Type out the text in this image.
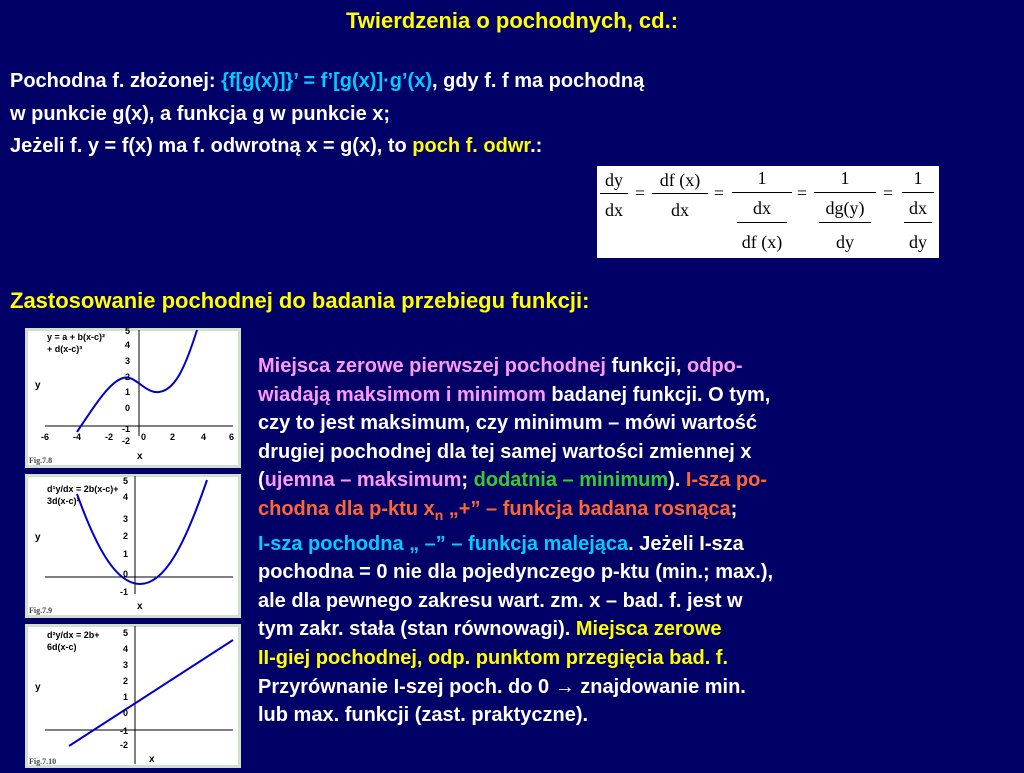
Twierdzenia o pochodnych, cd.:
Pochodna f. złożonej: {f[g(x)]}’ = f’[g(x)]·g’(x), gdy f. f ma pochodną
w punkcie g(x), a funkcja g w punkcie x;
Jeżeli f. y = f(x) ma f. odwrotną x = g(x), to poch f. odwr.:
dy
dx
=
df (x)
dx
=
1
dx
df (x)
=
1
dg(y)
dy
=
1
dx
dy
Zastosowanie pochodnej do badania przebiegu funkcji:
y = a + b(x-c)²
+ d(x-c)³
y
x
-6	-4	-2	0	2	4	6
5
4
3
2
1
0
-1
-2
Fig.7.8
d¹y/dx = 2b(x-c)+
3d(x-c)²
y
x
5
4
3
2
1
0
-1
Fig.7.9
d²y/dx = 2b+
6d(x-c)
y
5
4
3
2
1
0
-1
-2
x
Fig.7.10
Miejsca zerowe pierwszej pochodnej funkcji, odpo-
wiadają maksimom i minimom badanej funkcji. O tym,
czy to jest maksimum, czy minimum – mówi wartość
drugiej pochodnej dla tej samej wartości zmiennej x
(ujemna – maksimum; dodatnia – minimum). I-sza po-
chodna dla p-ktu $x_n$ „+” – funkcja badana rosnąca;
I-sza pochodna „ –” – funkcja malejąca. Jeżeli I-sza
pochodna = 0 nie dla pojedynczego p-ktu (min.; max.),
ale dla pewnego zakresu wart. zm. x – bad. f. jest w
tym zakr. stała (stan równowagi). Miejsca zerowe
II-giej pochodnej, odp. punktom przegięcia bad. f.
Przyrównanie I-szej poch. do 0 → znajdowanie min.
lub max. funkcji (zast. praktyczne).
